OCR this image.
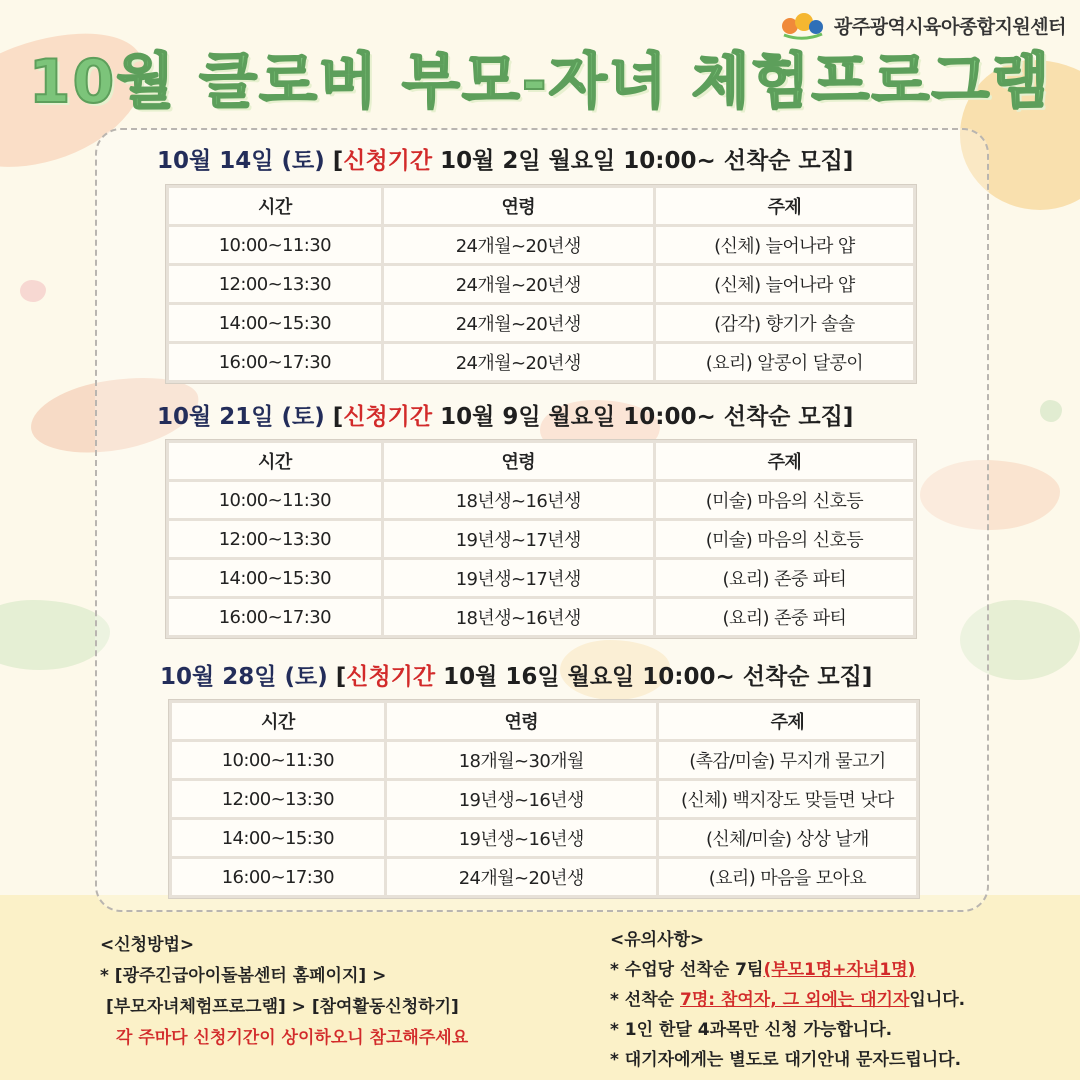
광주광역시육아종합지원센터
10월 클로버 부모-자녀 체험프로그램
10월 14일 (토) [신청기간 10월 2일 월요일 10:00~ 선착순 모집]
시간	연령	주제
10:00~11:30	24개월~20년생	(신체) 늘어나라 얍
12:00~13:30	24개월~20년생	(신체) 늘어나라 얍
14:00~15:30	24개월~20년생	(감각) 향기가 솔솔
16:00~17:30	24개월~20년생	(요리) 알콩이 달콩이
10월 21일 (토) [신청기간 10월 9일 월요일 10:00~ 선착순 모집]
시간	연령	주제
10:00~11:30	18년생~16년생	(미술) 마음의 신호등
12:00~13:30	19년생~17년생	(미술) 마음의 신호등
14:00~15:30	19년생~17년생	(요리) 존중 파티
16:00~17:30	18년생~16년생	(요리) 존중 파티
10월 28일 (토) [신청기간 10월 16일 월요일 10:00~ 선착순 모집]
시간	연령	주제
10:00~11:30	18개월~30개월	(촉감/미술) 무지개 물고기
12:00~13:30	19년생~16년생	(신체) 백지장도 맞들면 낫다
14:00~15:30	19년생~16년생	(신체/미술) 상상 날개
16:00~17:30	24개월~20년생	(요리) 마음을 모아요
<신청방법>
* [광주긴급아이돌봄센터 홈페이지] >
[부모자녀체험프로그램] > [참여활동신청하기]
각 주마다 신청기간이 상이하오니 참고해주세요
<유의사항>
* 수업당 선착순 7팀(부모1명+자녀1명)
* 선착순 7명: 참여자, 그 외에는 대기자입니다.
* 1인 한달 4과목만 신청 가능합니다.
* 대기자에게는 별도로 대기안내 문자드립니다.
